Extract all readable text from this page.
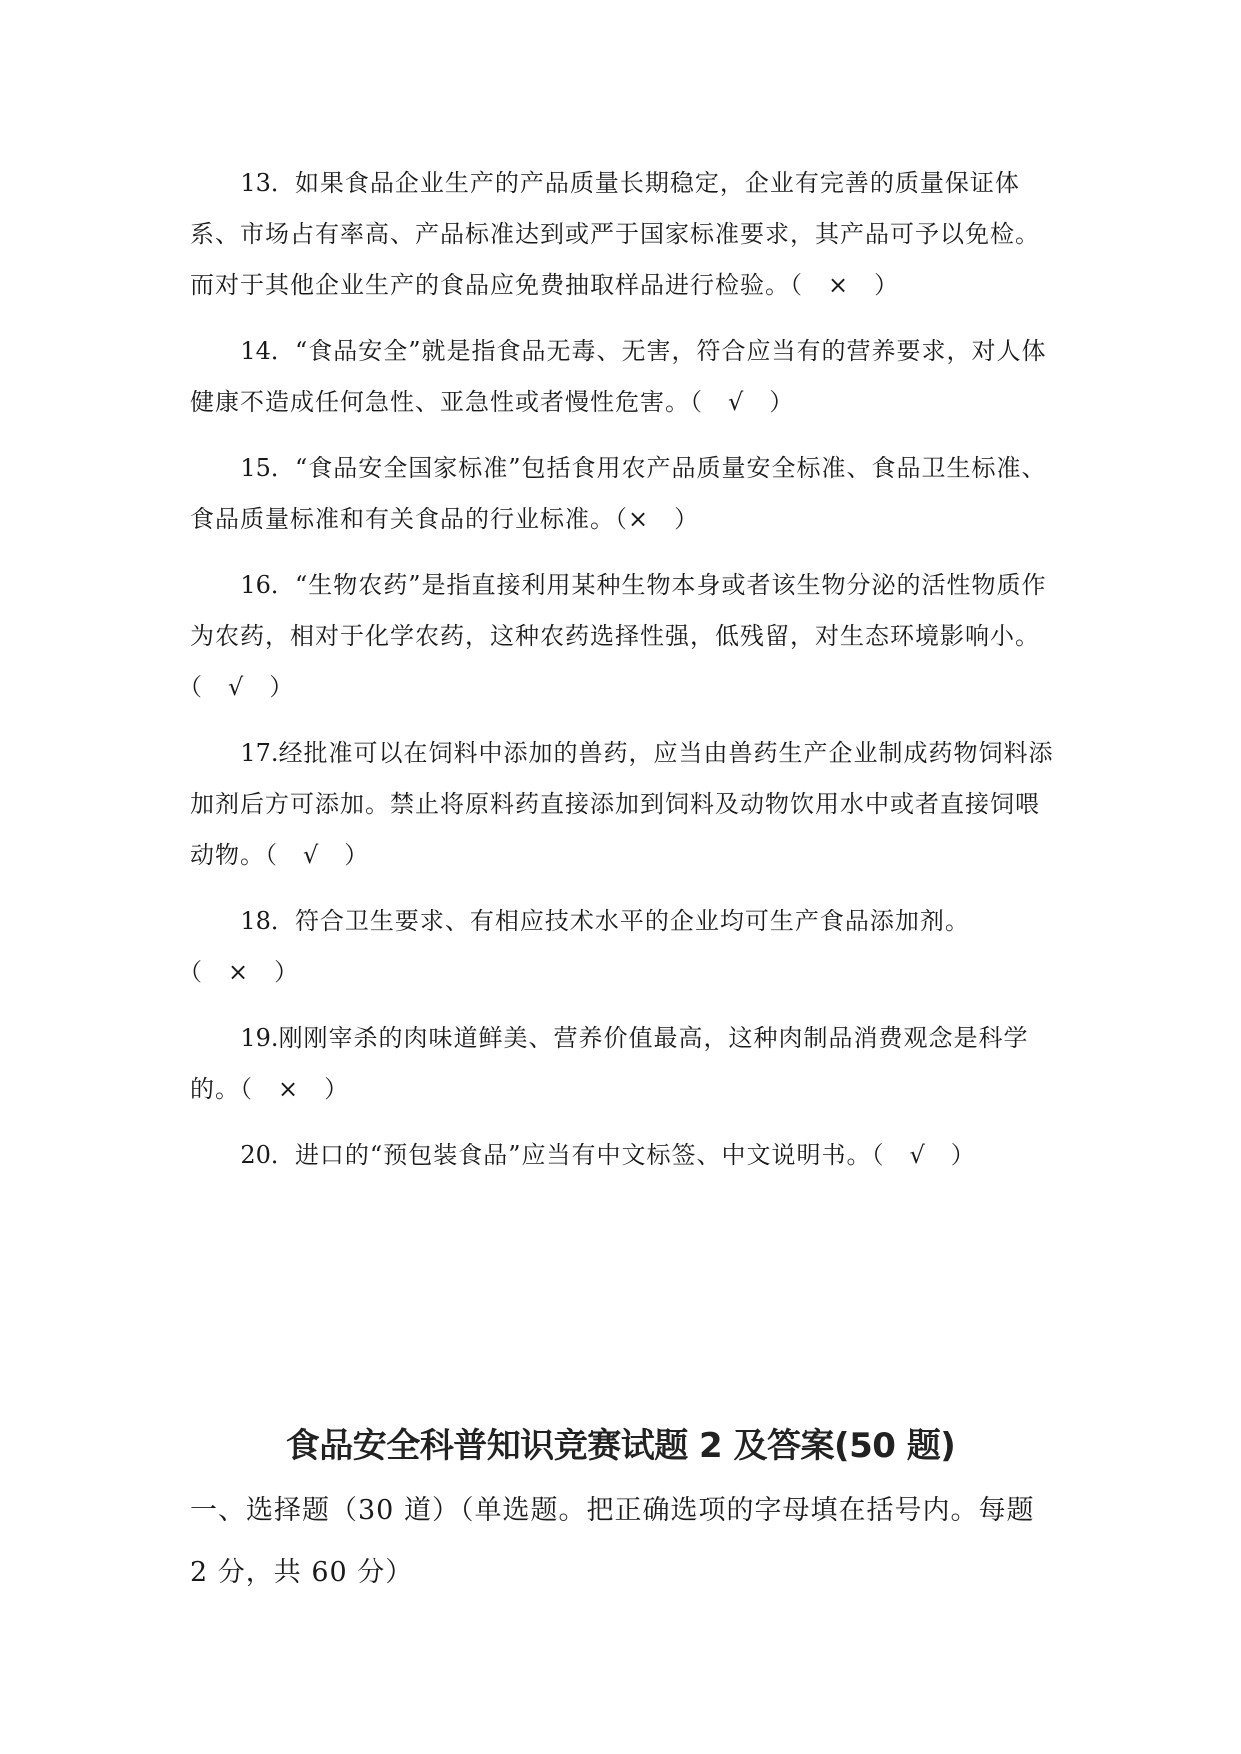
13．如果食品企业生产的产品质量长期稳定，企业有完善的质量保证体系、市场占有率高、产品标准达到或严于国家标准要求，其产品可予以免检。而对于其他企业生产的食品应免费抽取样品进行检验。（　×　）

14．“食品安全”就是指食品无毒、无害，符合应当有的营养要求，对人体健康不造成任何急性、亚急性或者慢性危害。（　√　）

15．“食品安全国家标准”包括食用农产品质量安全标准、食品卫生标准、食品质量标准和有关食品的行业标准。（×　）

16．“生物农药”是指直接利用某种生物本身或者该生物分泌的活性物质作为农药，相对于化学农药，这种农药选择性强，低残留，对生态环境影响小。（　√　）

17.经批准可以在饲料中添加的兽药，应当由兽药生产企业制成药物饲料添加剂后方可添加。禁止将原料药直接添加到饲料及动物饮用水中或者直接饲喂动物。（　√　）

18．符合卫生要求、有相应技术水平的企业均可生产食品添加剂。（　×　）

19.刚刚宰杀的肉味道鲜美、营养价值最高，这种肉制品消费观念是科学的。（　×　）

20．进口的“预包装食品”应当有中文标签、中文说明书。（　√　）

食品安全科普知识竞赛试题 2 及答案(50 题)
一、选择题（30 道）（单选题。把正确选项的字母填在括号内。每题 2 分，共 60 分）
